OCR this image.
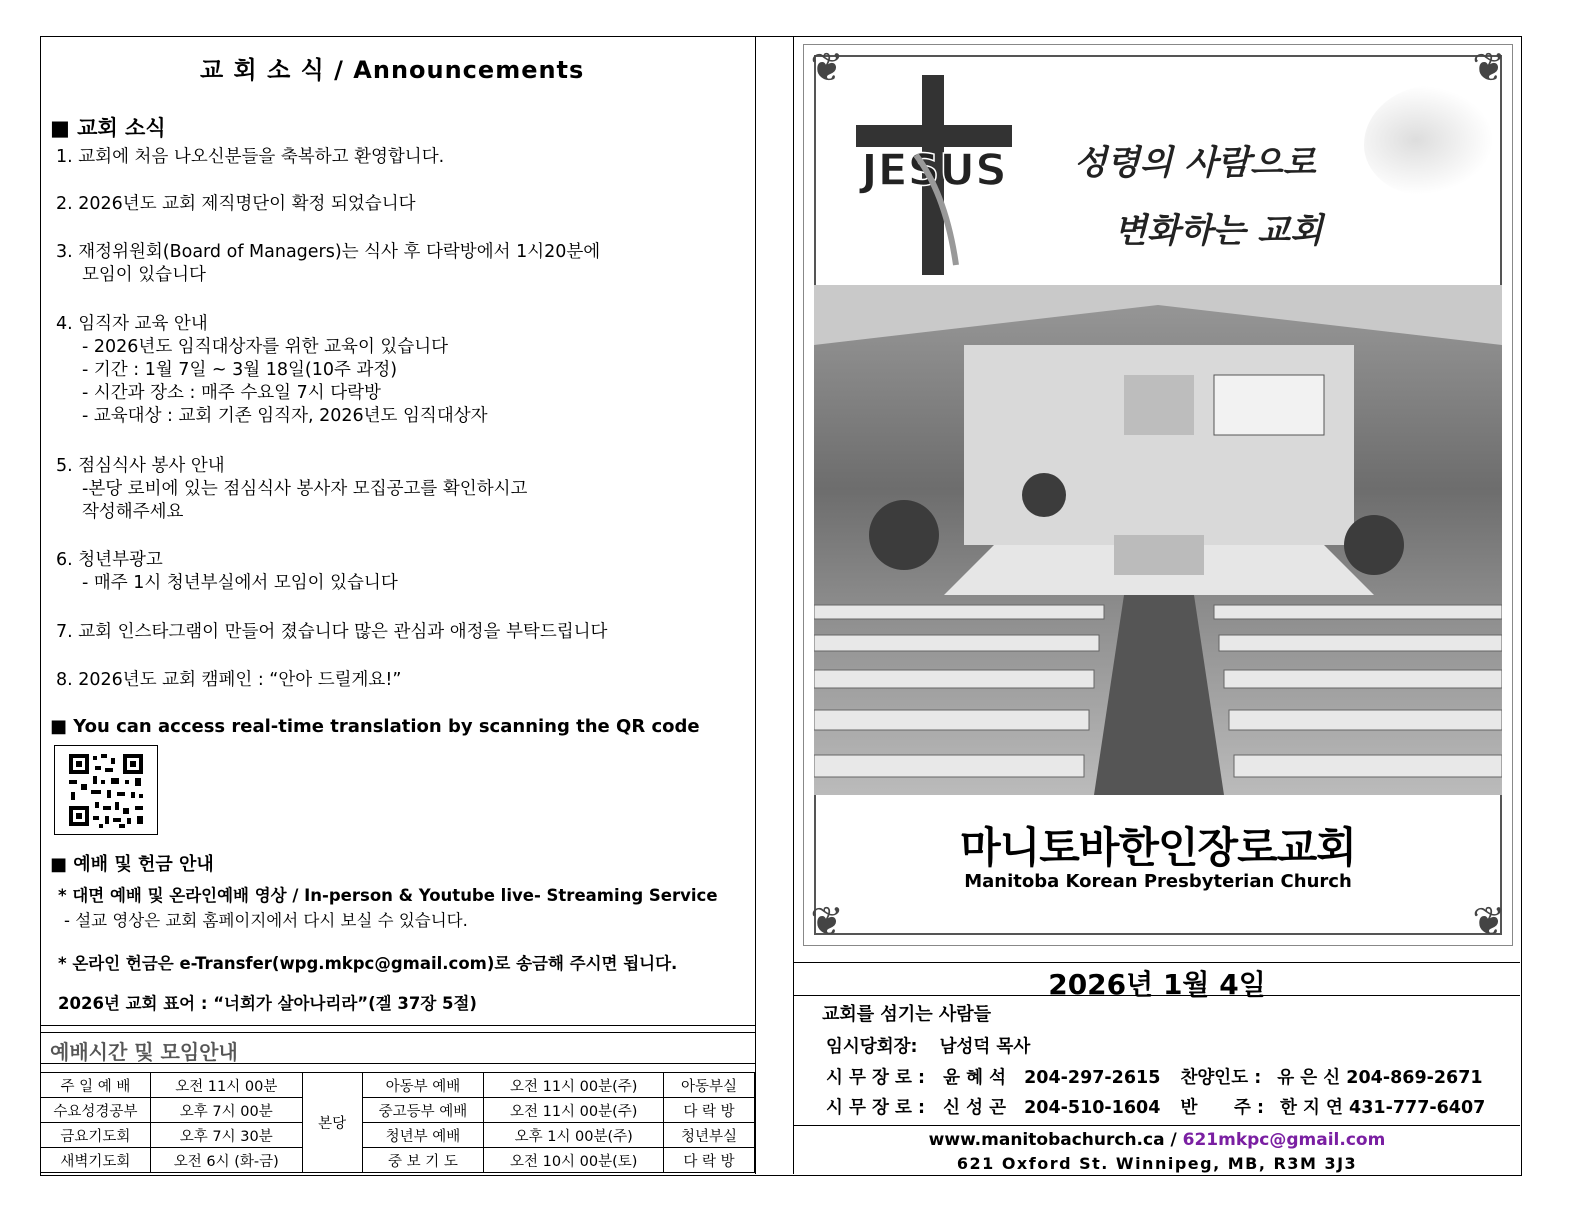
교 회 소 식 / Announcements
■ 교회 소식
1. 교회에 처음 나오신분들을 축복하고 환영합니다.
2. 2026년도 교회 제직명단이 확정 되었습니다
3. 재정위원회(Board of Managers)는 식사 후 다락방에서 1시20분에
모임이 있습니다
4. 임직자 교육 안내
- 2026년도 임직대상자를 위한 교육이 있습니다
- 기간 : 1월 7일 ~ 3월 18일(10주 과정)
- 시간과 장소 : 매주 수요일 7시 다락방
- 교육대상 : 교회 기존 임직자, 2026년도 임직대상자
5. 점심식사 봉사 안내
-본당 로비에 있는 점심식사 봉사자 모집공고를 확인하시고
작성해주세요
6. 청년부광고
- 매주 1시 청년부실에서 모임이 있습니다
7. 교회 인스타그램이 만들어 졌습니다 많은 관심과 애정을 부탁드립니다
8. 2026년도 교회 캠페인 : “안아 드릴게요!”
■ You can access real-time translation by scanning the QR code
■ 예배 및 헌금 안내
* 대면 예배 및 온라인예배 영상 / In-person & Youtube live- Streaming Service
- 설교 영상은 교회 홈페이지에서 다시 보실 수 있습니다.
* 온라인 헌금은 e-Transfer(wpg.mkpc@gmail.com)로 송금해 주시면 됩니다.
2026년 교회 표어 : “너희가 살아나리라”(겔 37장 5절)
예배시간 및 모임안내
주 일 예 배	오전 11시 00분	본당	아동부 예배	오전 11시 00분(주)	아동부실
수요성경공부	오후 7시 00분		중고등부 예배	오전 11시 00분(주)	다 락 방
금요기도회	오후 7시 30분		청년부 예배	오후 1시 00분(주)	청년부실
새벽기도회	오전 6시 (화-금)		중 보 기 도	오전 10시 00분(토)	다 락 방
❦	❦
❦	❦
JESUS 성령의 사람으로
변화하는 교회
마니토바한인장로교회
Manitoba Korean Presbyterian Church
2026년 1월 4일
교회를 섬기는 사람들
임시당회장: 남성덕 목사
시 무 장 로 : 윤 혜 석 204-297-2615 찬양인도 : 유 은 신 204-869-2671
시 무 장 로 : 신 성 곤 204-510-1604 반      주 : 한 지 연 431-777-6407
www.manitobachurch.ca / 621mkpc@gmail.com
621 Oxford St. Winnipeg, MB, R3M 3J3
